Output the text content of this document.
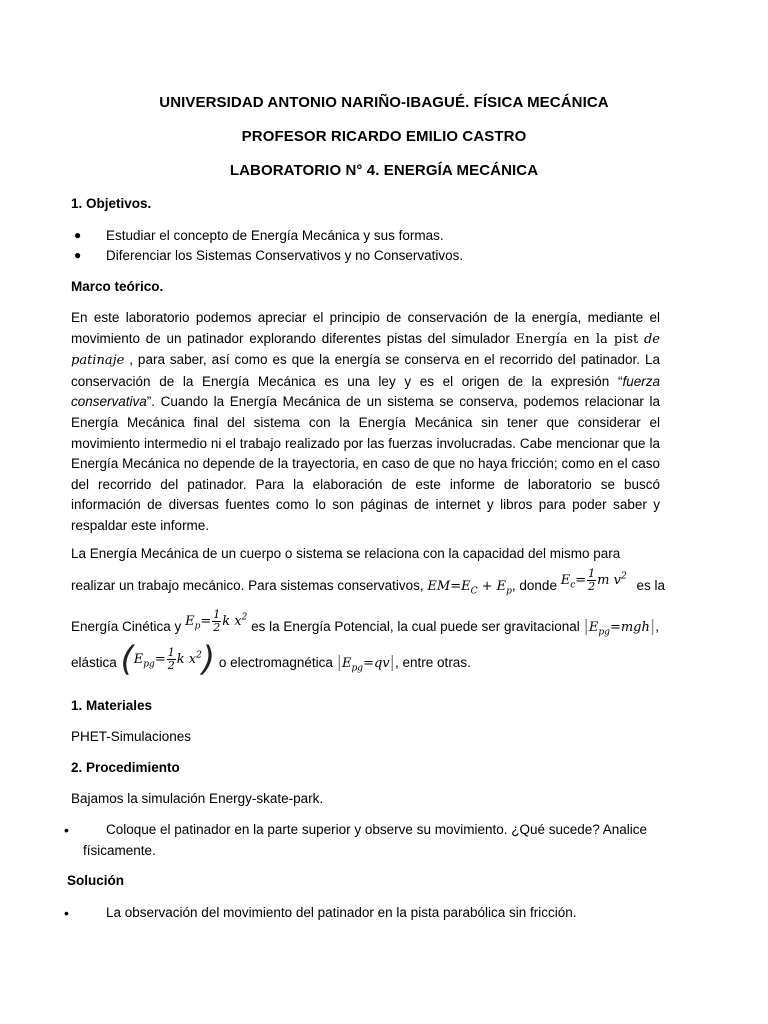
UNIVERSIDAD ANTONIO NARIÑO-IBAGUÉ. FÍSICA MECÁNICA
PROFESOR RICARDO EMILIO CASTRO
LABORATORIO N° 4. ENERGÍA MECÁNICA
1. Objetivos.
● Estudiar el concepto de Energía Mecánica y sus formas.
● Diferenciar los Sistemas Conservativos y no Conservativos.
Marco teórico.
En este laboratorio podemos apreciar el principio de conservación de la energía, mediante el movimiento de un patinador explorando diferentes pistas del simulador Energía en la pist de patinaje , para saber, así como es que la energía se conserva en el recorrido del patinador. La conservación de la Energía Mecánica es una ley y es el origen de la expresión “fuerza conservativa”. Cuando la Energía Mecánica de un sistema se conserva, podemos relacionar la Energía Mecánica final del sistema con la Energía Mecánica sin tener que considerar el movimiento intermedio ni el trabajo realizado por las fuerzas involucradas. Cabe mencionar que la Energía Mecánica no depende de la trayectoria, en caso de que no haya fricción; como en el caso del recorrido del patinador. Para la elaboración de este informe de laboratorio se buscó información de diversas fuentes como lo son páginas de internet y libros para poder saber y respaldar este informe.
La Energía Mecánica de un cuerpo o sistema se relaciona con la capacidad del mismo para
realizar un trabajo mecánico. Para sistemas conservativos, $EM=E_C + E_p$, donde $E_c= \frac{1}{2}$ m $v^2$ es la
Energía Cinética y $E_p= \frac{1}{2}$ k $x^2$ es la Energía Potencial, la cual puede ser gravitacional $|E_{pg}=mgh|$,
elástica ($E_{pg}= \frac{1}{2}$ k $x^2$) o electromagnética $|E_{pg}=qv|$, entre otras.
1. Materiales
PHET-Simulaciones
2. Procedimiento
Bajamos la simulación Energy-skate-park.
•	Coloque el patinador en la parte superior y observe su movimiento. ¿Qué sucede? Analice
físicamente.
Solución
•	La observación del movimiento del patinador en la pista parabólica sin fricción.
